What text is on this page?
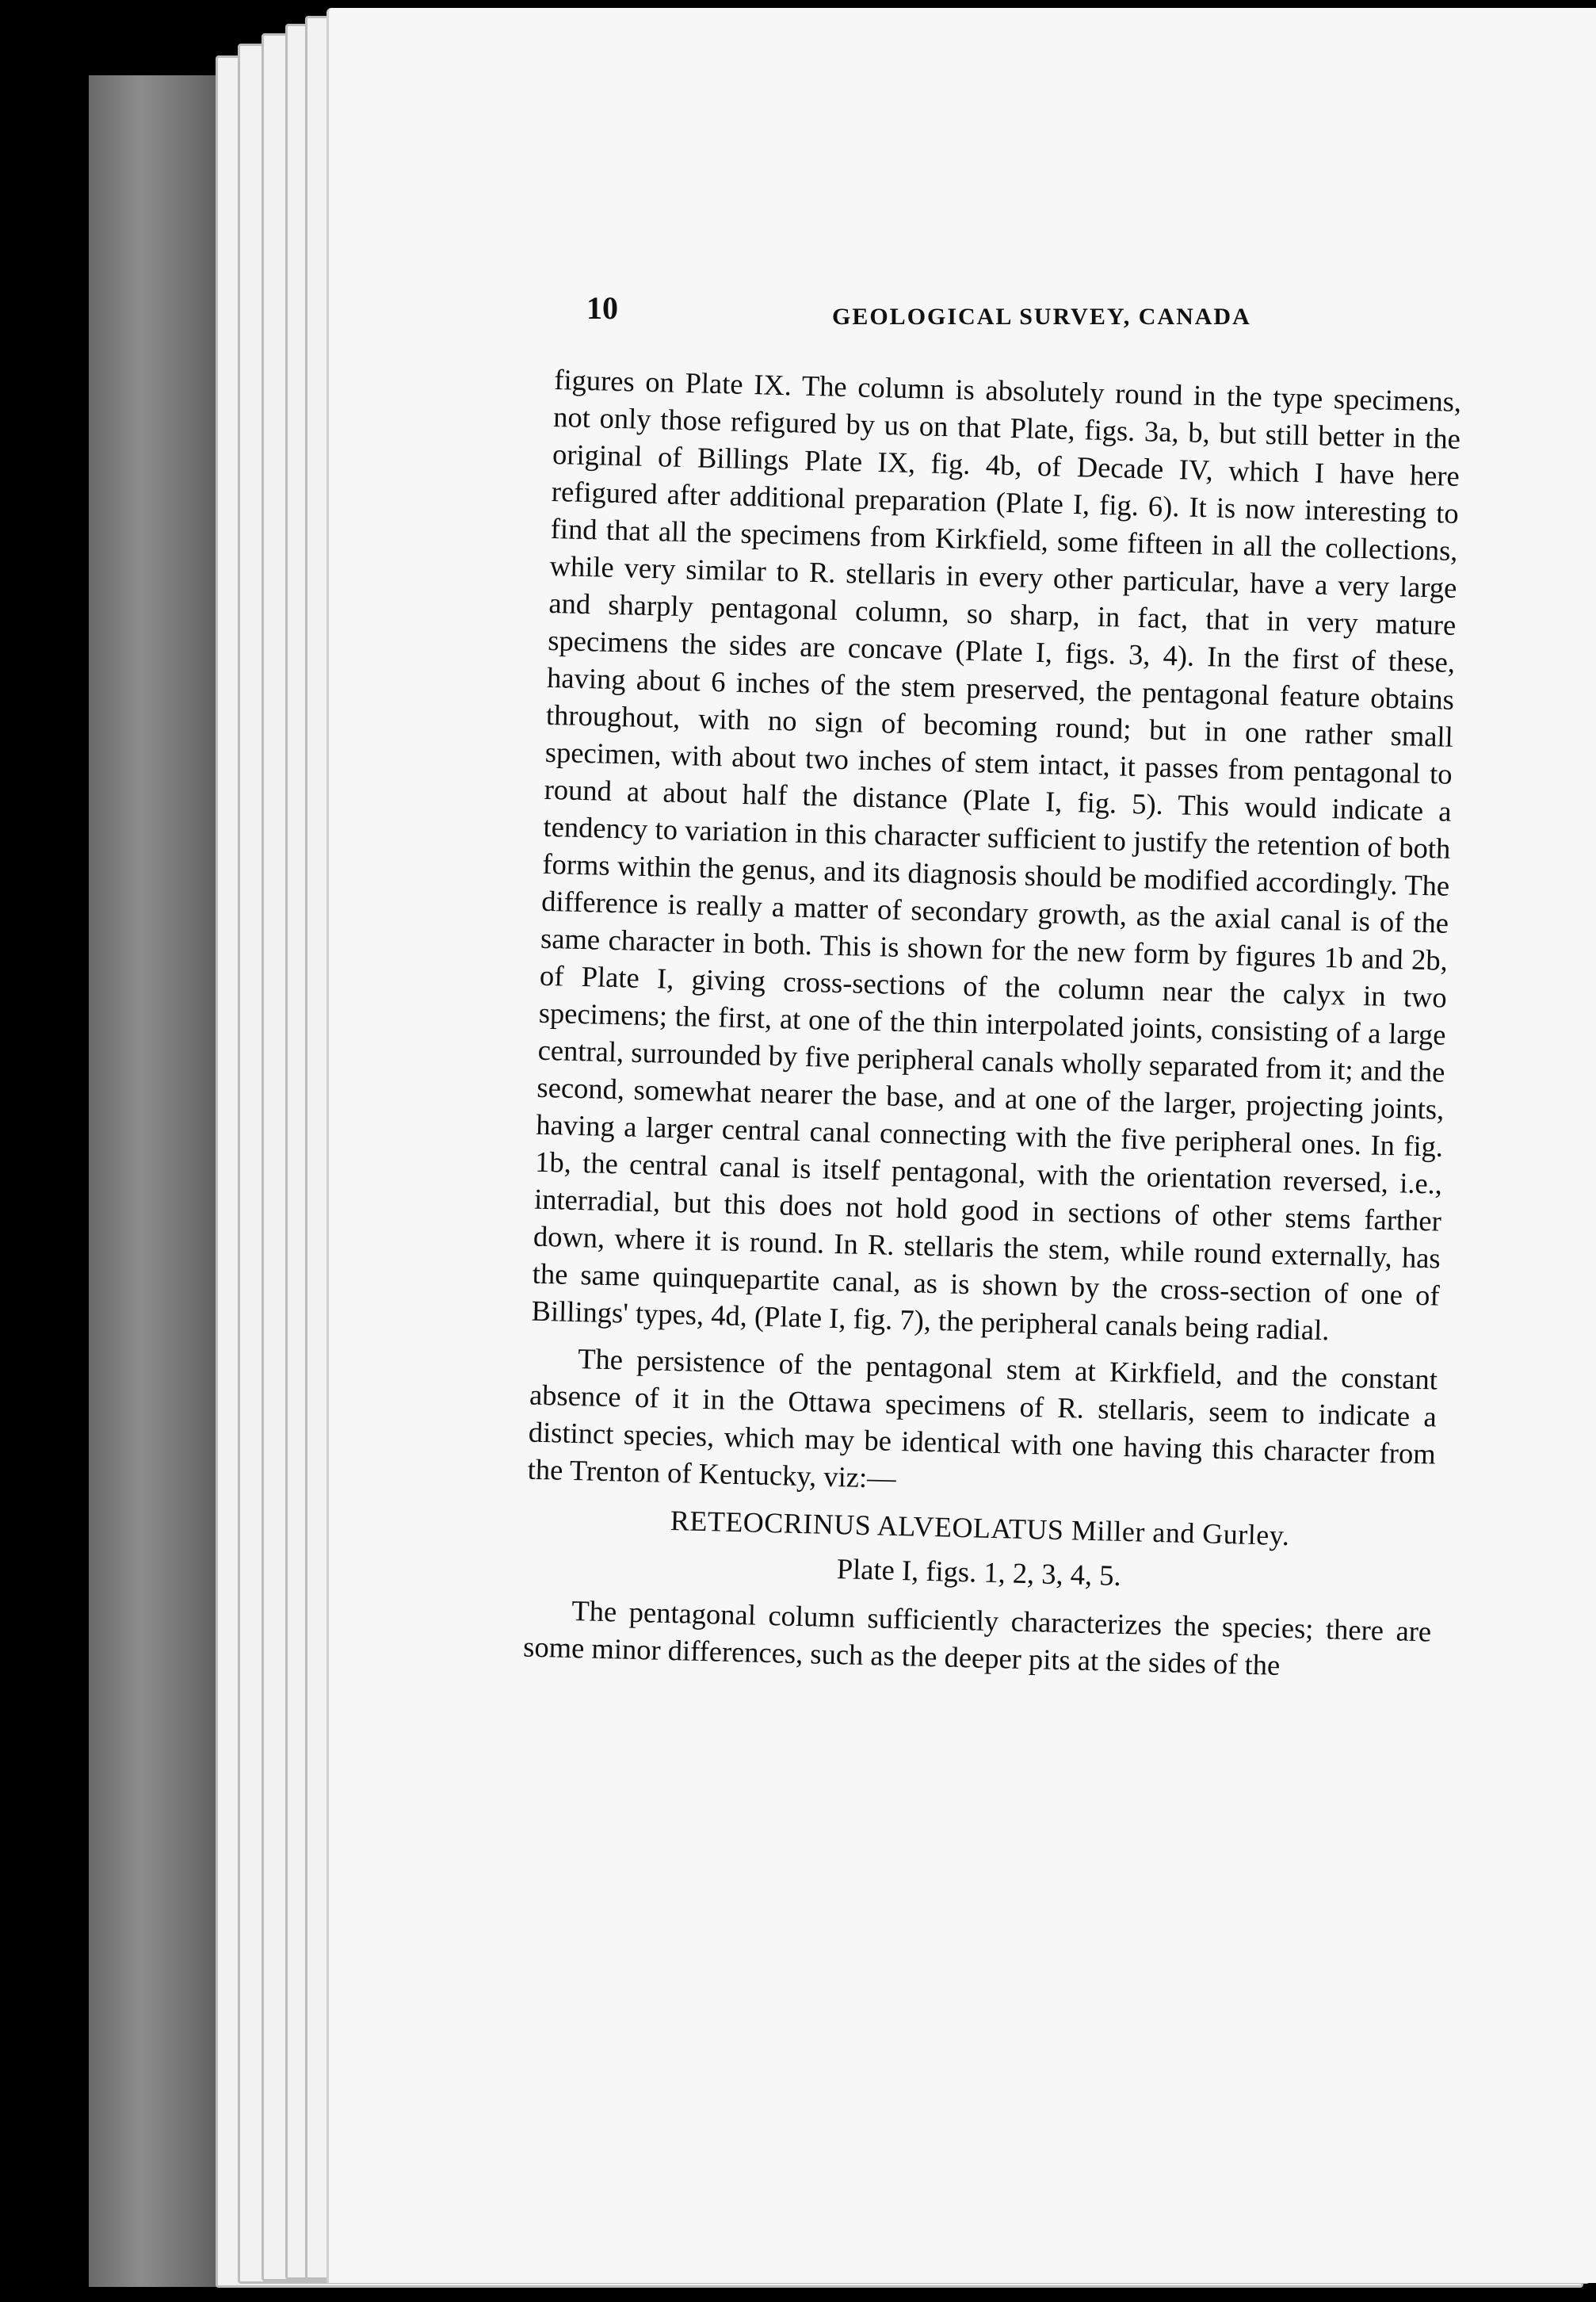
10	GEOLOGICAL SURVEY, CANADA

figures on Plate IX. The column is absolutely round in the type specimens, not only those refigured by us on that Plate, figs. 3a, b, but still better in the original of Billings Plate IX, fig. 4b, of Decade IV, which I have here refigured after additional preparation (Plate I, fig. 6). It is now interesting to find that all the specimens from Kirkfield, some fifteen in all the collections, while very similar to R. stellaris in every other particular, have a very large and sharply pentagonal column, so sharp, in fact, that in very mature specimens the sides are concave (Plate I, figs. 3, 4). In the first of these, having about 6 inches of the stem preserved, the pentagonal feature obtains throughout, with no sign of becoming round; but in one rather small specimen, with about two inches of stem intact, it passes from pentagonal to round at about half the distance (Plate I, fig. 5). This would indicate a tendency to variation in this character sufficient to justify the retention of both forms within the genus, and its diagnosis should be modified accordingly. The difference is really a matter of secondary growth, as the axial canal is of the same character in both. This is shown for the new form by figures 1b and 2b, of Plate I, giving cross-sections of the column near the calyx in two specimens; the first, at one of the thin interpolated joints, consisting of a large central, surrounded by five peripheral canals wholly separated from it; and the second, somewhat nearer the base, and at one of the larger, projecting joints, having a larger central canal connecting with the five peripheral ones. In fig. 1b, the central canal is itself pentagonal, with the orientation reversed, i.e., interradial, but this does not hold good in sections of other stems farther down, where it is round. In R. stellaris the stem, while round externally, has the same quinquepartite canal, as is shown by the cross-section of one of Billings' types, 4d, (Plate I, fig. 7), the peripheral canals being radial.

The persistence of the pentagonal stem at Kirkfield, and the constant absence of it in the Ottawa specimens of R. stellaris, seem to indicate a distinct species, which may be identical with one having this character from the Trenton of Kentucky, viz:—

RETEOCRINUS ALVEOLATUS Miller and Gurley.
Plate I, figs. 1, 2, 3, 4, 5.

The pentagonal column sufficiently characterizes the species; there are some minor differences, such as the deeper pits at the sides of the
